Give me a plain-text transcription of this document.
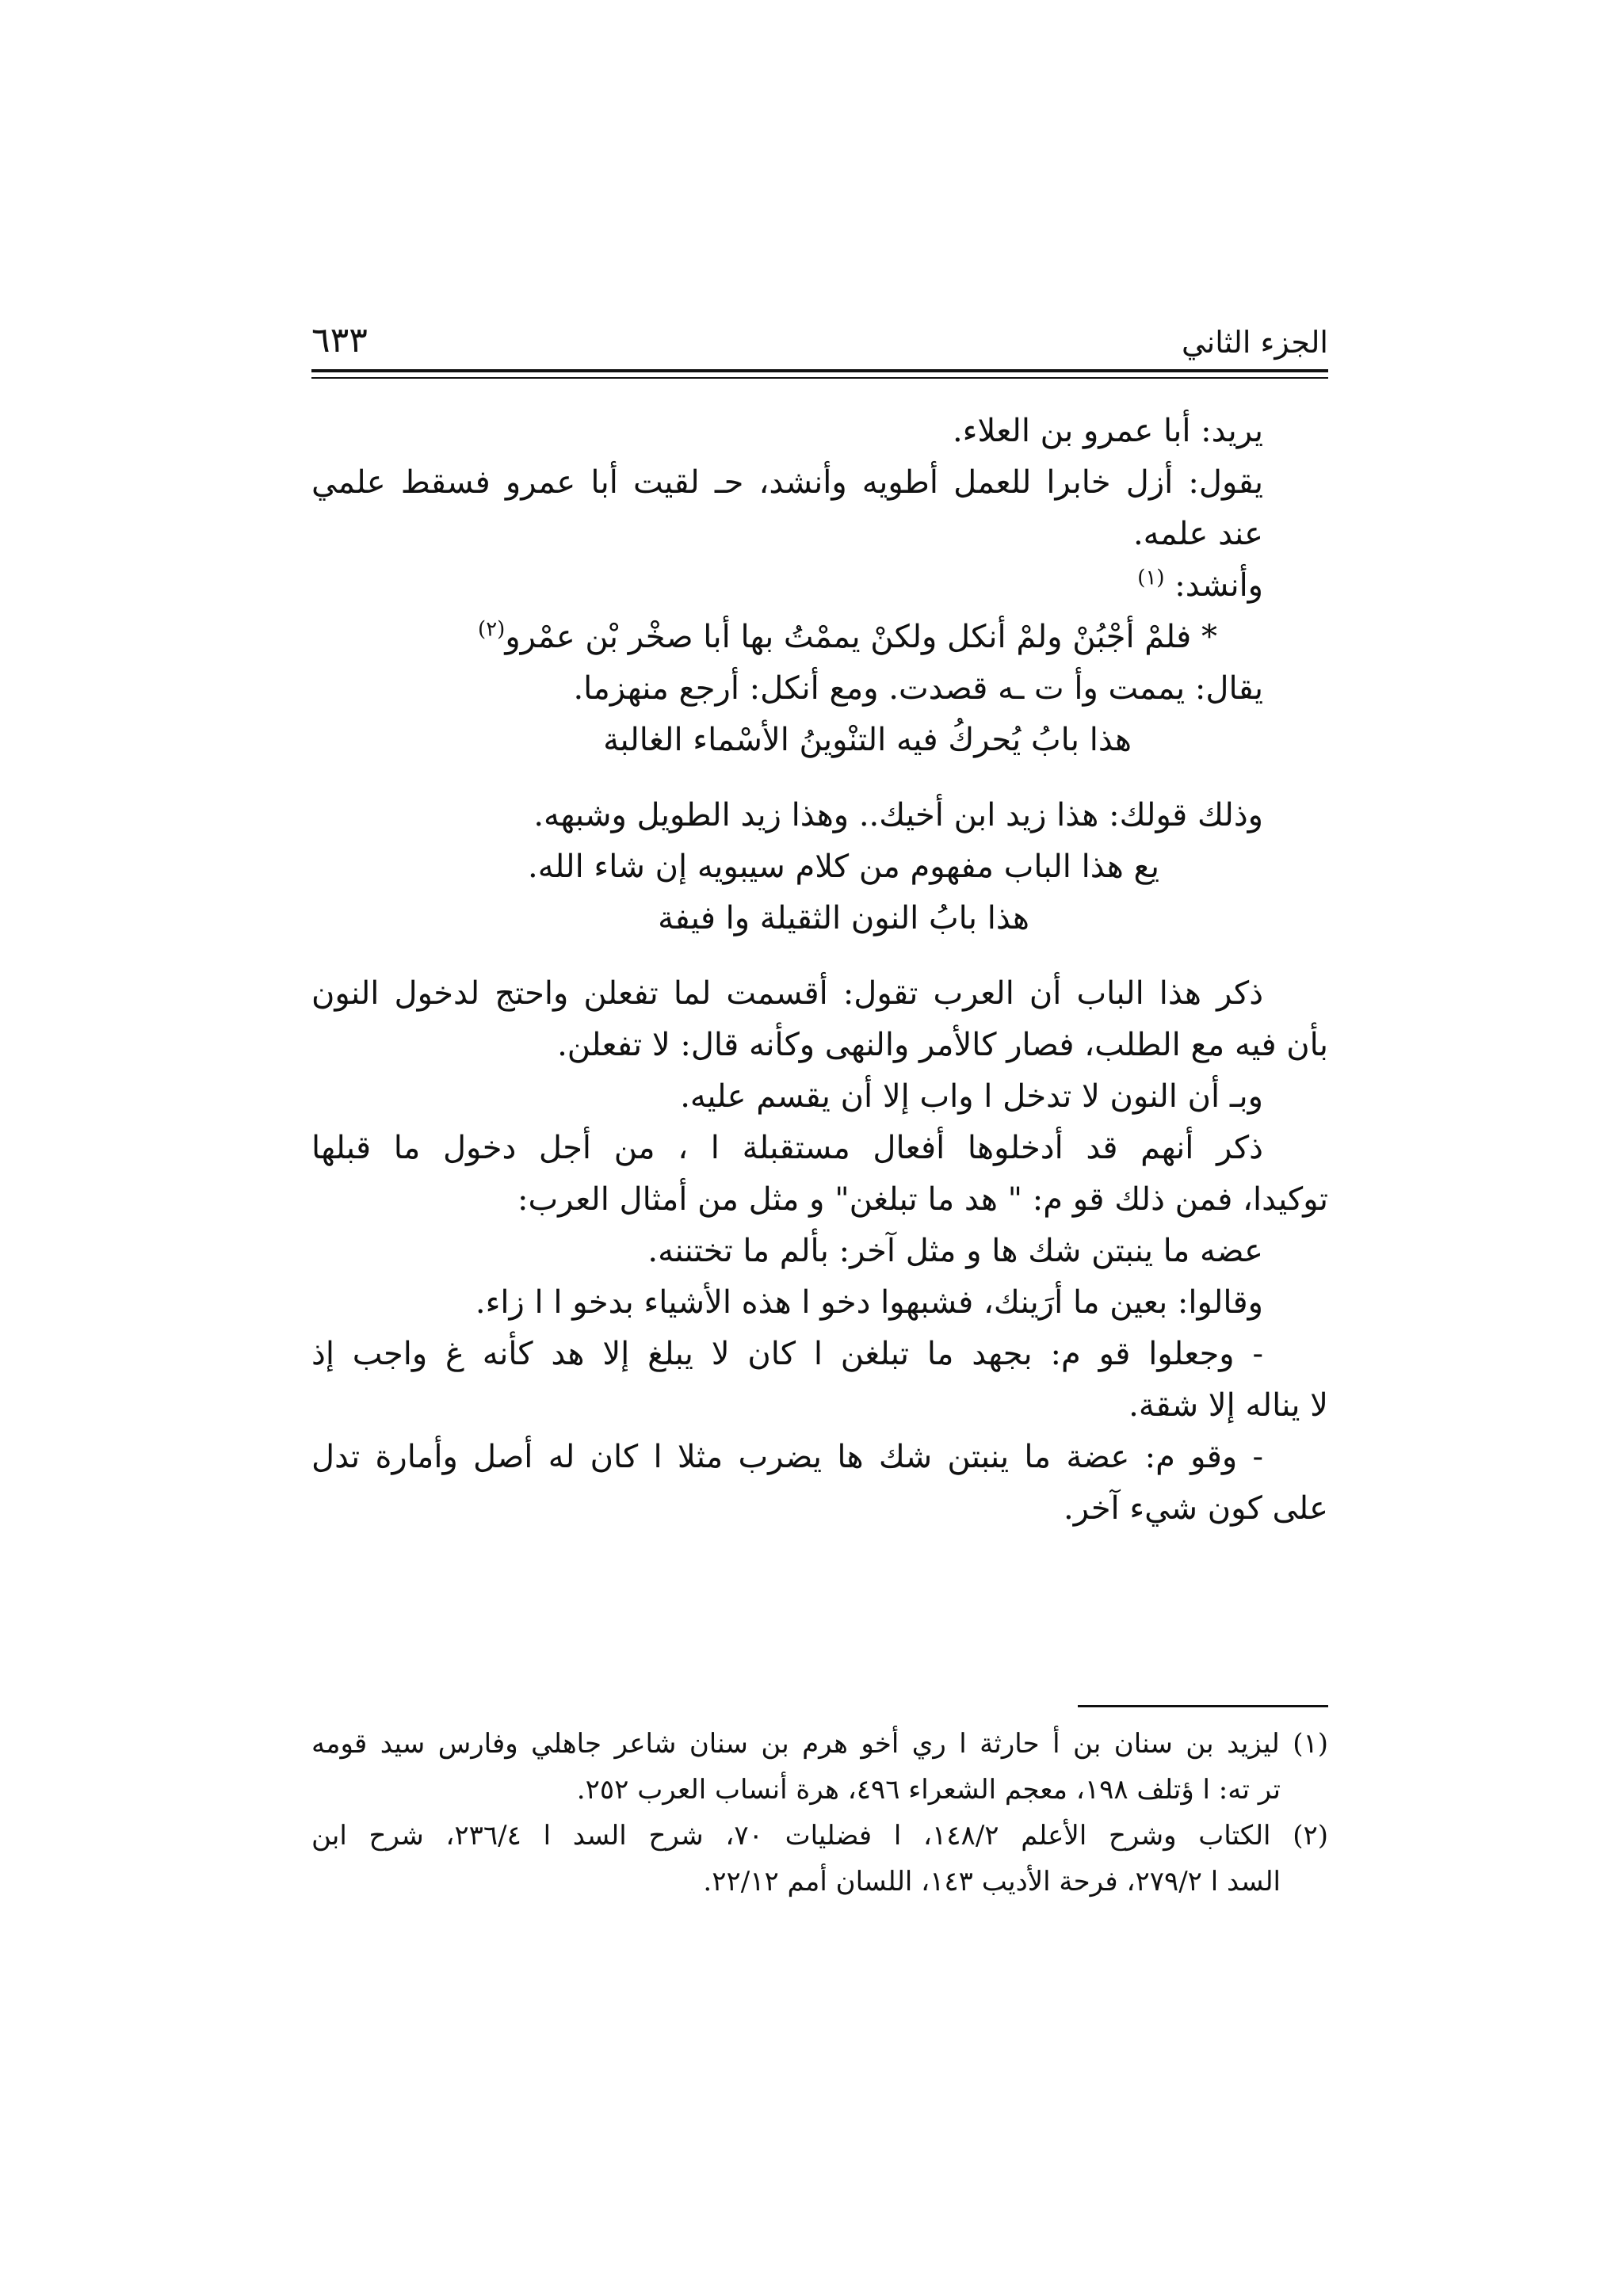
الجزء الثاني
٦٣٣

يريد: أبا عمرو بن العلاء.

يقول: أزل خابرا للعمل أطويه وأنشد، حـ لقيت أبا عمرو فسقط علمي

عند علمه.

وأنشد: $^{(١)}$

* فلمْ أجْبُنْ ولمْ أنكل ولكنْ يممْتُ بها أبا صخْر بْن عمْرو$^{(٢)}$

يقال: يممت وأ ت ـه قصدت. ومع أنكل: أرجع منهزما.

هذا بابُ يُحركُ فيه التنْوينُ الأسْماء الغالبة

وذلك قولك: هذا زيد ابن أخيك.. وهذا زيد الطويل وشبهه.

يع هذا الباب مفهوم من كلام سيبويه إن شاء الله.

هذا بابُ النون الثقيلة وا فيفة

ذكر هذا الباب أن العرب تقول: أقسمت لما تفعلن واحتج لدخول النون

بأن فيه مع الطلب، فصار كالأمر والنهى وكأنه قال: لا تفعلن.

وبـ أن النون لا تدخل ا واب إلا أن يقسم عليه.

ذكر أنهم قد أدخلوها أفعال مستقبلة ا ، من أجل دخول ما قبلها

توكيدا، فمن ذلك قو م: " هد ما تبلغن" و مثل من أمثال العرب:

عضه ما ينبتن شك ها و مثل آخر: بألم ما تختننه.

وقالوا: بعين ما أرَينك، فشبهوا دخو ا هذه الأشياء بدخو ا ا زاء.

- وجعلوا قو م: بجهد ما تبلغن ا كان لا يبلغ إلا هد كأنه غ واجب إذ

لا يناله إلا شقة.

- وقو م: عضة ما ينبتن شك ها يضرب مثلا ا كان له أصل وأمارة تدل

على كون شيء آخر.

(١) ليزيد بن سنان بن أ حارثة ا ري أخو هرم بن سنان شاعر جاهلي وفارس سيد قومه

تر ته: ا ؤتلف ١٩٨، معجم الشعراء ٤٩٦، هرة أنساب العرب ٢٥٢.

(٢) الكتاب وشرح الأعلم ١٤٨/٢، ا فضليات ٧٠، شرح السد ا ٢٣٦/٤، شرح ابن

السد ا ٢٧٩/٢، فرحة الأديب ١٤٣، اللسان أمم ٢٢/١٢.
